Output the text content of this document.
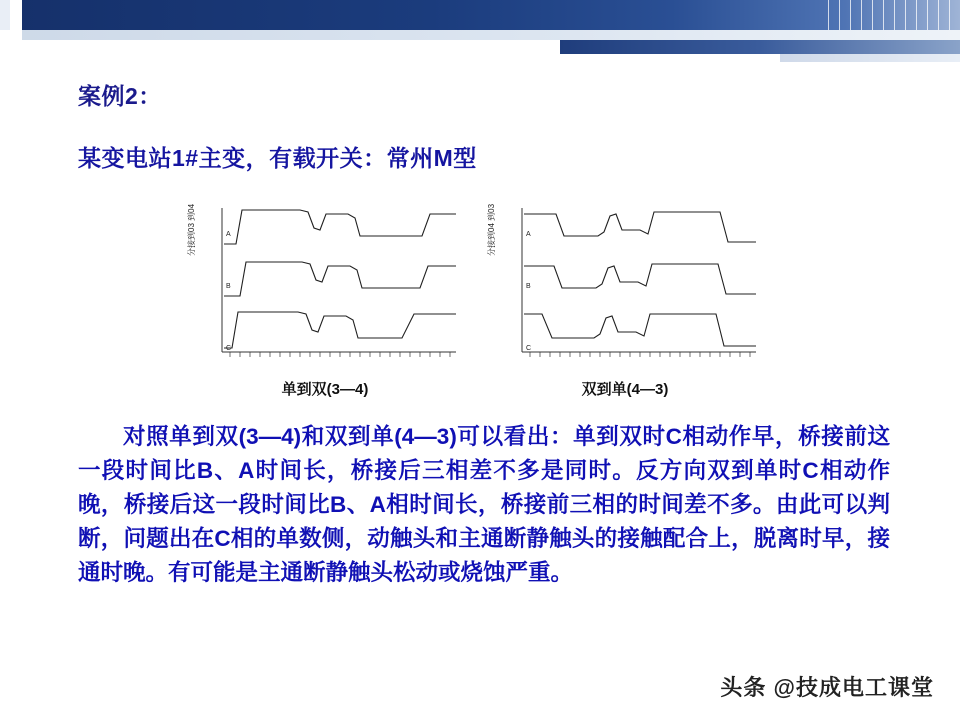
案例2：
某变电站1#主变，有载开关：常州M型
A
B
C
分接到03 到04
单到双(3—4)
A
B
C
分接到04 到03
双到单(4—3)
对照单到双(3—4)和双到单(4—3)可以看出：单到双时C相动作早，桥接前这一段时间比B、A时间长，桥接后三相差不多是同时。反方向双到单时C相动作晚，桥接后这一段时间比B、A相时间长，桥接前三相的时间差不多。由此可以判断，问题出在C相的单数侧，动触头和主通断静触头的接触配合上，脱离时早，接通时晚。有可能是主通断静触头松动或烧蚀严重。
头条 @技成电工课堂
